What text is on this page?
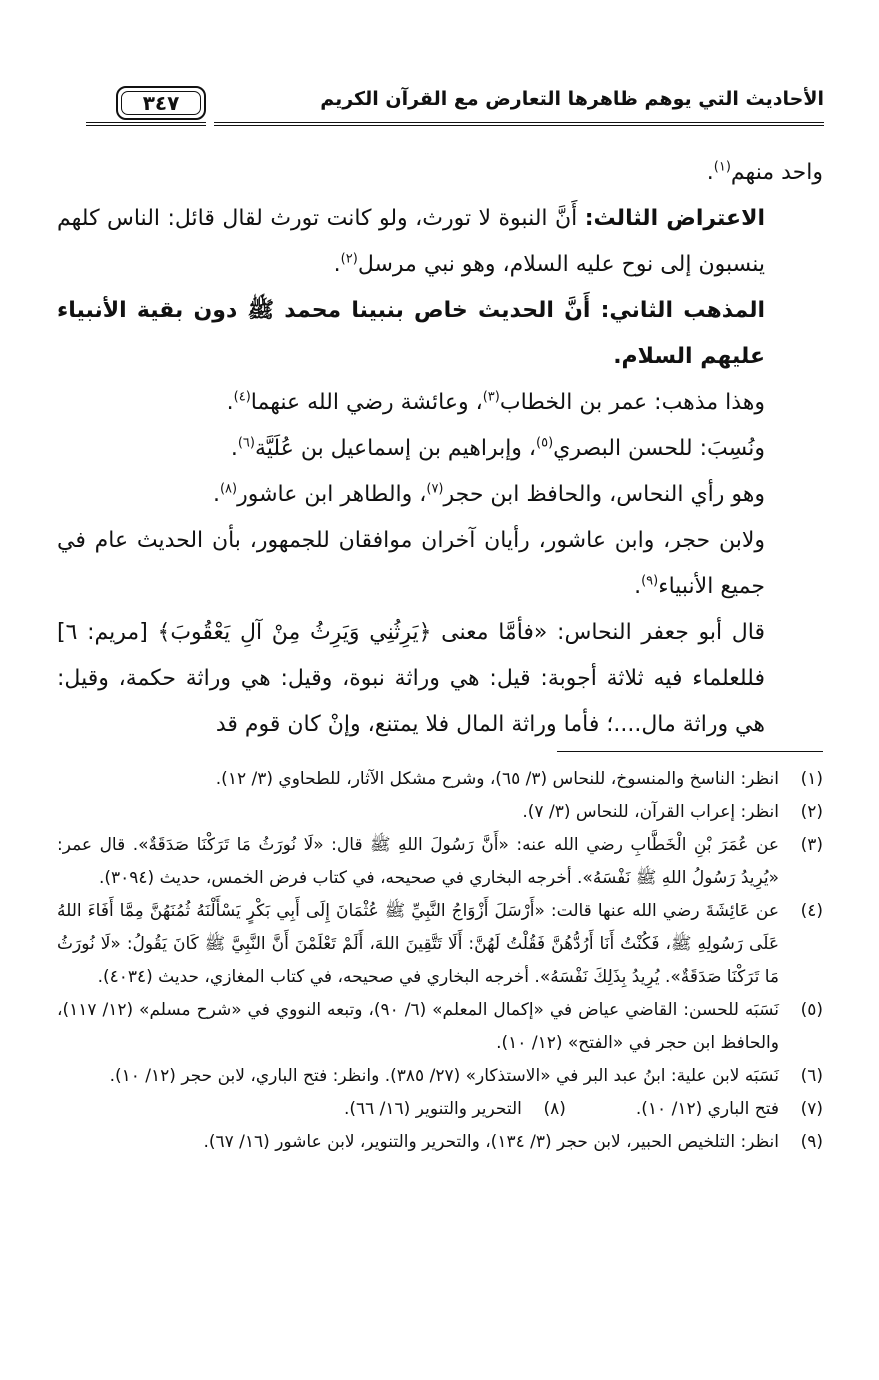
الأحاديث التي يوهم ظاهرها التعارض مع القرآن الكريم
٣٤٧

واحد منهم$^{(١)}$.

الاعتراض الثالث: أَنَّ النبوة لا تورث، ولو كانت تورث لقال قائل: الناس كلهم ينسبون إلى نوح عليه السلام، وهو نبي مرسل$^{(٢)}$.

المذهب الثاني: أَنَّ الحديث خاص بنبينا محمد ﷺ دون بقية الأنبياء عليهم السلام.

وهذا مذهب: عمر بن الخطاب$^{(٣)}$، وعائشة رضي الله عنهما$^{(٤)}$.

ونُسِبَ: للحسن البصري$^{(٥)}$، وإبراهيم بن إسماعيل بن عُلَيَّة$^{(٦)}$.

وهو رأي النحاس، والحافظ ابن حجر$^{(٧)}$، والطاهر ابن عاشور$^{(٨)}$.

ولابن حجر، وابن عاشور، رأيان آخران موافقان للجمهور، بأن الحديث عام في جميع الأنبياء$^{(٩)}$.

قال أبو جعفر النحاس: «فأمَّا معنى ﴿يَرِثُنِي وَيَرِثُ مِنْ آلِ يَعْقُوبَ﴾ [مريم: ٦] فللعلماء فيه ثلاثة أجوبة: قيل: هي وراثة نبوة، وقيل: هي وراثة حكمة، وقيل: هي وراثة مال....؛ فأما وراثة المال فلا يمتنع، وإنْ كان قوم قد

(١)
انظر: الناسخ والمنسوخ، للنحاس (٣/ ٦٥)، وشرح مشكل الآثار، للطحاوي (٣/ ١٢).
(٢)
انظر: إعراب القرآن، للنحاس (٣/ ٧).
(٣)
عن عُمَرَ بْنِ الْخَطَّابِ رضي الله عنه: «أَنَّ رَسُولَ اللهِ ﷺ قال: «لَا نُورَثُ مَا تَرَكْنَا صَدَقَةٌ». قال عمر: «يُرِيدُ رَسُولُ اللهِ ﷺ نَفْسَهُ». أخرجه البخاري في صحيحه، في كتاب فرض الخمس، حديث (٣٠٩٤).
(٤)
عن عَائِشَةَ رضي الله عنها قالت: «أَرْسَلَ أَزْوَاجُ النَّبِيِّ ﷺ عُثْمَانَ إِلَى أَبِي بَكْرٍ يَسْأَلْنَهُ ثُمُنَهُنَّ مِمَّا أَفَاءَ اللهُ عَلَى رَسُولِهِ ﷺ، فَكُنْتُ أَنَا أَرُدُّهُنَّ فَقُلْتُ لَهُنَّ: أَلَا تَتَّقِينَ اللهَ، أَلَمْ تَعْلَمْنَ أَنَّ النَّبِيَّ ﷺ كَانَ يَقُولُ: «لَا نُورَثُ مَا تَرَكْنَا صَدَقَةٌ». يُرِيدُ بِذَلِكَ نَفْسَهُ». أخرجه البخاري في صحيحه، في كتاب المغازي، حديث (٤٠٣٤).
(٥)
نَسَبَه للحسن: القاضي عياض في «إكمال المعلم» (٦/ ٩٠)، وتبعه النووي في «شرح مسلم» (١٢/ ١١٧)، والحافظ ابن حجر في «الفتح» (١٢/ ١٠).
(٦)
نَسَبَه لابن علية: ابنُ عبد البر في «الاستذكار» (٢٧/ ٣٨٥). وانظر: فتح الباري، لابن حجر (١٢/ ١٠).
(٧)
فتح الباري (١٢/ ١٠).
(٨)
التحرير والتنوير (١٦/ ٦٦).
(٩)
انظر: التلخيص الحبير، لابن حجر (٣/ ١٣٤)، والتحرير والتنوير، لابن عاشور (١٦/ ٦٧).
